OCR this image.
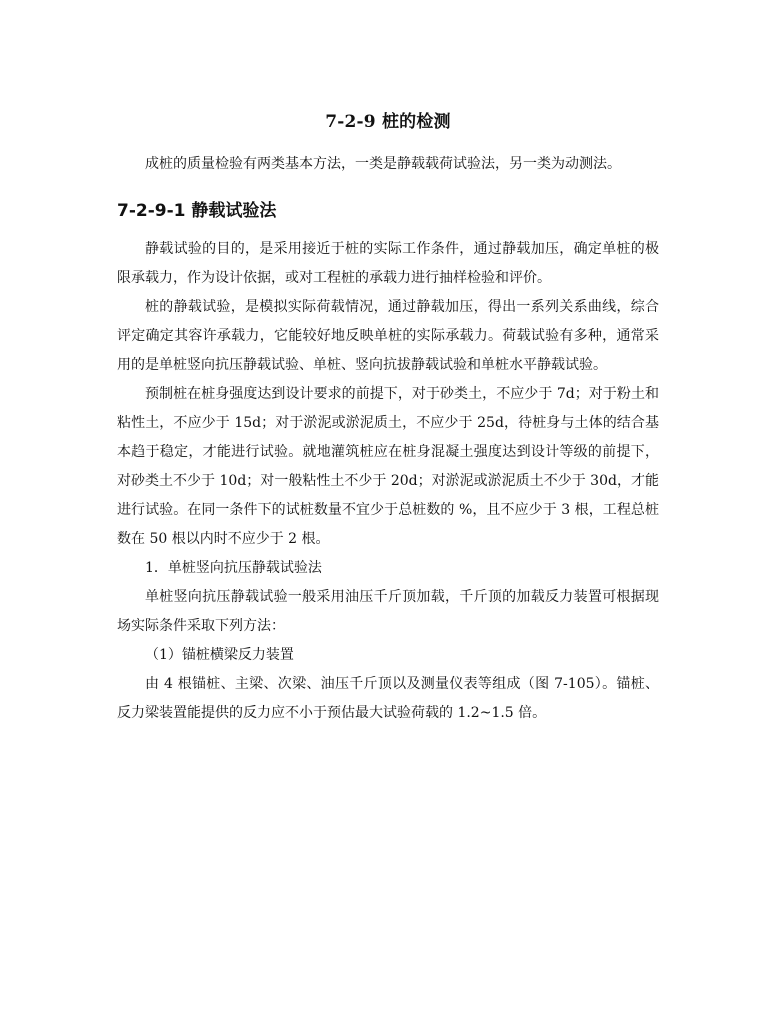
7-2-9 桩的检测

成桩的质量检验有两类基本方法，一类是静载载荷试验法，另一类为动测法。

7-2-9-1 静载试验法

静载试验的目的，是采用接近于桩的实际工作条件，通过静载加压，确定单桩的极限承载力，作为设计依据，或对工程桩的承载力进行抽样检验和评价。

桩的静载试验，是模拟实际荷载情况，通过静载加压，得出一系列关系曲线，综合评定确定其容许承载力，它能较好地反映单桩的实际承载力。荷载试验有多种，通常采用的是单桩竖向抗压静载试验、单桩、竖向抗拔静载试验和单桩水平静载试验。

预制桩在桩身强度达到设计要求的前提下，对于砂类土，不应少于 7d；对于粉土和粘性土，不应少于 15d；对于淤泥或淤泥质土，不应少于 25d，待桩身与土体的结合基本趋于稳定，才能进行试验。就地灌筑桩应在桩身混凝土强度达到设计等级的前提下，对砂类土不少于 10d；对一般粘性土不少于 20d；对淤泥或淤泥质土不少于 30d，才能进行试验。在同一条件下的试桩数量不宜少于总桩数的 %，且不应少于 3 根，工程总桩数在 50 根以内时不应少于 2 根。

1．单桩竖向抗压静载试验法

单桩竖向抗压静载试验一般采用油压千斤顶加载，千斤顶的加载反力装置可根据现场实际条件采取下列方法：

（1）锚桩横梁反力装置

由 4 根锚桩、主梁、次梁、油压千斤顶以及测量仪表等组成（图 7-105）。锚桩、反力梁装置能提供的反力应不小于预估最大试验荷载的 1.2~1.5 倍。
